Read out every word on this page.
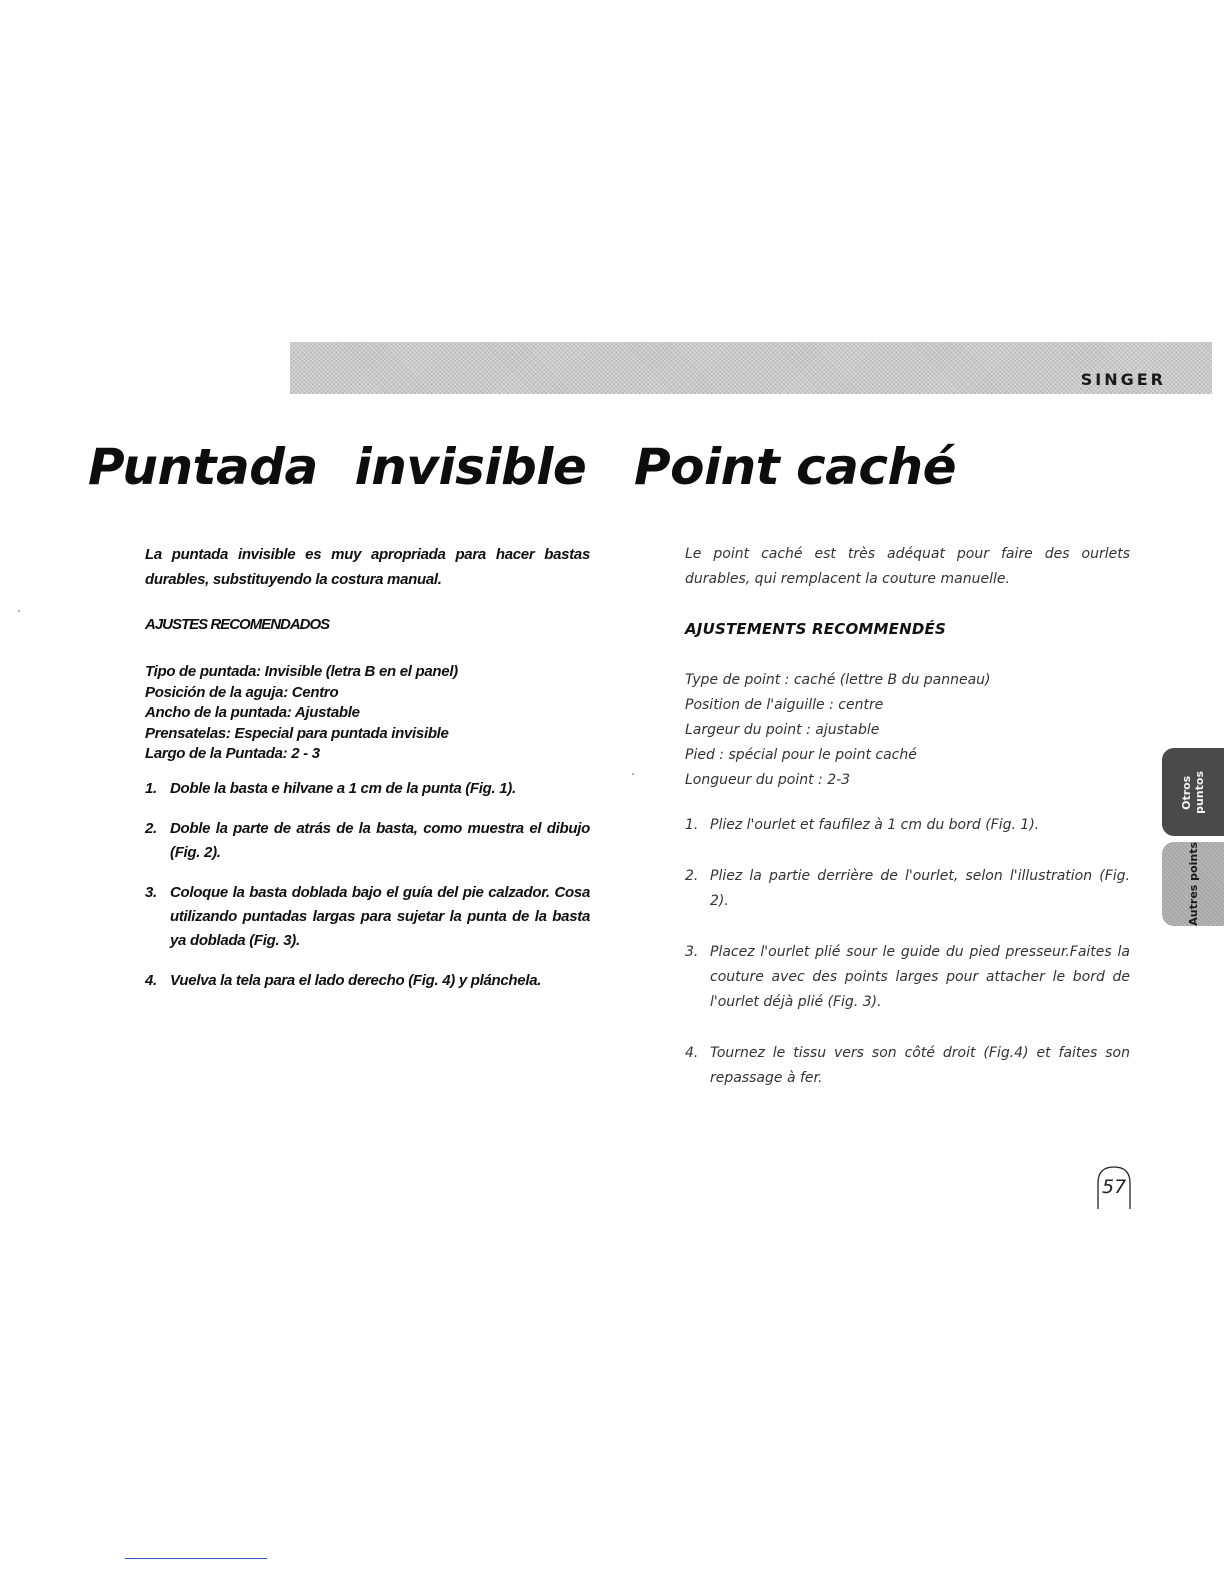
SINGER
Puntada invisible Point caché

La puntada invisible es muy apropriada para hacer bastas durables, substituyendo la costura manual.

AJUSTES RECOMENDADOS
Tipo de puntada: Invisible (letra B en el panel)
Posición de la aguja: Centro
Ancho de la puntada: Ajustable
Prensatelas: Especial para puntada invisible
Largo de la Puntada: 2 - 3
1. Doble la basta e hilvane a 1 cm de la punta (Fig. 1).
2. Doble la parte de atrás de la basta, como muestra el dibujo (Fig. 2).
3. Coloque la basta doblada bajo el guía del pie calzador. Cosa utilizando puntadas largas para sujetar la punta de la basta ya doblada (Fig. 3).
4. Vuelva la tela para el lado derecho (Fig. 4) y plánchela.

Le point caché est très adéquat pour faire des ourlets durables, qui remplacent la couture manuelle.

AJUSTEMENTS RECOMMENDÉS
Type de point : caché (lettre B du panneau)
Position de l'aiguille : centre
Largeur du point : ajustable
Pied : spécial pour le point caché
Longueur du point : 2-3
1. Pliez l'ourlet et faufilez à 1 cm du bord (Fig. 1).
2. Pliez la partie derrière de l'ourlet, selon l'illustration (Fig. 2).
3. Placez l'ourlet plié sour le guide du pied presseur.Faites la couture avec des points larges pour attacher le bord de l'ourlet déjà plié (Fig. 3).
4. Tournez le tissu vers son côté droit (Fig.4) et faites son repassage à fer.
Otros puntos
Autres points
57
